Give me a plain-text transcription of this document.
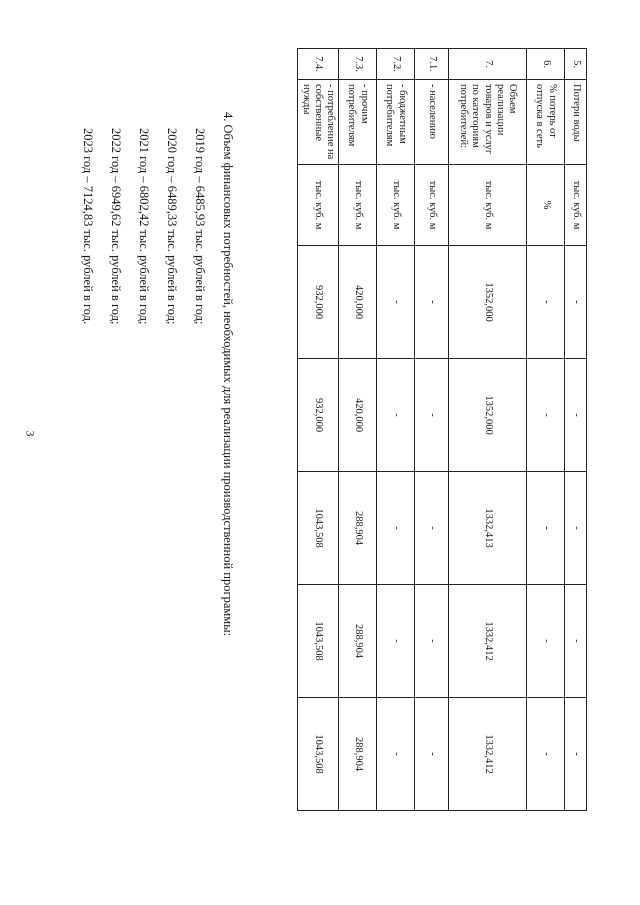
3
5.	Потери воды	тыс. куб. м	-	-	-	-	-
6.	% потерь от отпуска в сеть	%	-	-	-	-	-
7.	Объем реализации товаров и услуг по категориям потребителей:	тыс. куб. м	1352,000	1352,000	1332,413	1332,412	1332,412
7.1.	- населению	тыс. куб. м	-	-	-	-	-
7.2.	- бюджетным потребителям	тыс. куб. м	-	-	-	-	-
7.3.	- прочим потребителям	тыс. куб. м	420,000	420,000	288,904	288,904	288,904
7.4.	- потребление на собственные нужды	тыс. куб. м	932,000	932,000	1043,508	1043,508	1043,508

4. Объем финансовых потребностей, необходимых для реализации производственной программы:

2019 год – 6485,93 тыс. рублей в год;

2020 год – 6489,33 тыс. рублей в год;

2021 год – 6802,42 тыс. рублей в год;

2022 год – 6949,62 тыс. рублей в год;

2023 год – 7124,83 тыс. рублей в год.
